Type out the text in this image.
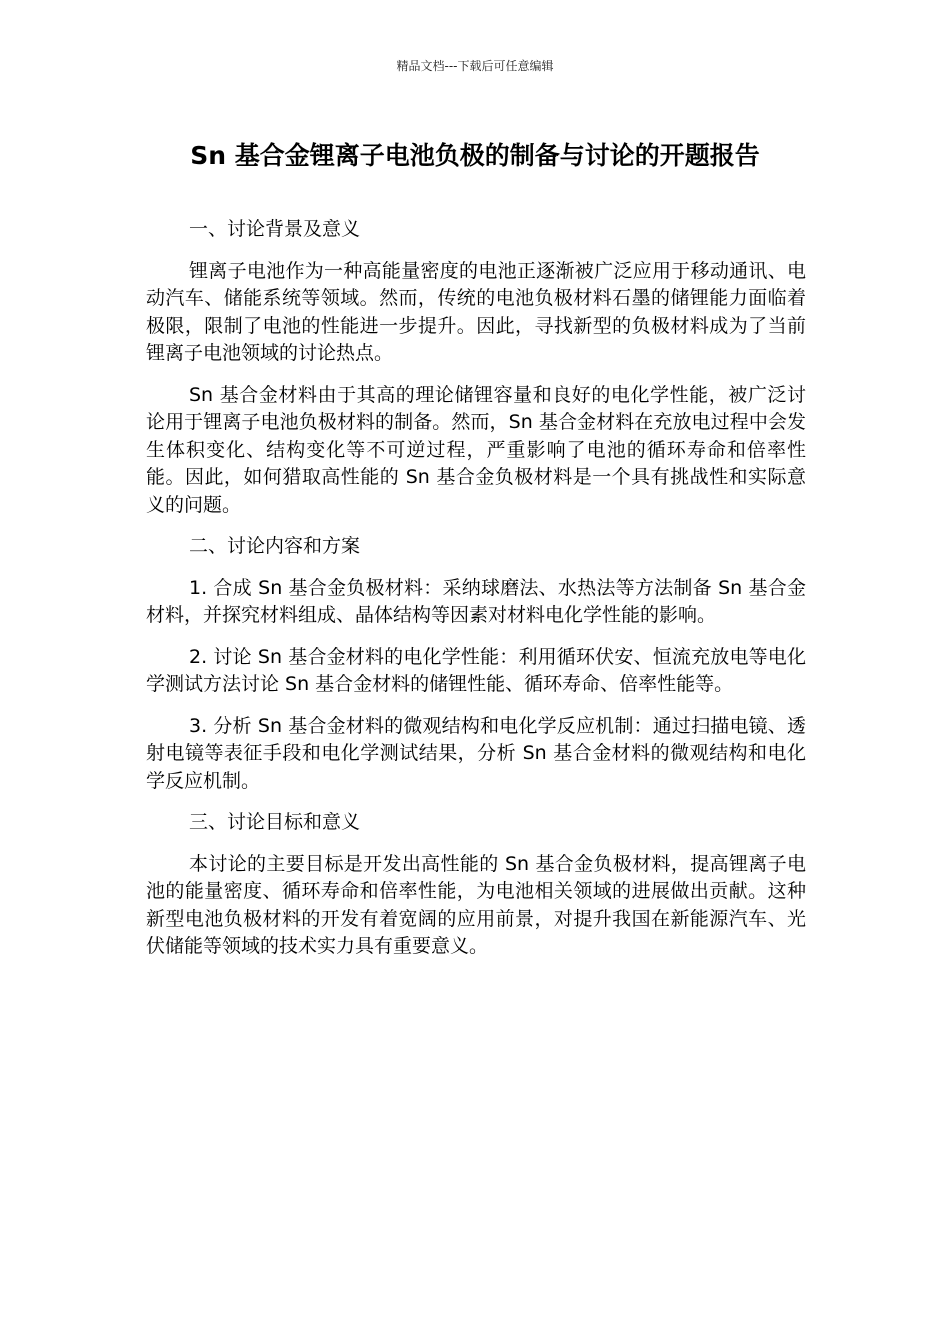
精品文档---下载后可任意编辑
Sn 基合金锂离子电池负极的制备与讨论的开题报告

一、讨论背景及意义

锂离子电池作为一种高能量密度的电池正逐渐被广泛应用于移动通讯、电动汽车、储能系统等领域。然而，传统的电池负极材料石墨的储锂能力面临着极限，限制了电池的性能进一步提升。因此，寻找新型的负极材料成为了当前锂离子电池领域的讨论热点。

Sn 基合金材料由于其高的理论储锂容量和良好的电化学性能，被广泛讨论用于锂离子电池负极材料的制备。然而，Sn 基合金材料在充放电过程中会发生体积变化、结构变化等不可逆过程，严重影响了电池的循环寿命和倍率性能。因此，如何猎取高性能的 Sn 基合金负极材料是一个具有挑战性和实际意义的问题。

二、讨论内容和方案

1. 合成 Sn 基合金负极材料：采纳球磨法、水热法等方法制备 Sn 基合金材料，并探究材料组成、晶体结构等因素对材料电化学性能的影响。

2. 讨论 Sn 基合金材料的电化学性能：利用循环伏安、恒流充放电等电化学测试方法讨论 Sn 基合金材料的储锂性能、循环寿命、倍率性能等。

3. 分析 Sn 基合金材料的微观结构和电化学反应机制：通过扫描电镜、透射电镜等表征手段和电化学测试结果，分析 Sn 基合金材料的微观结构和电化学反应机制。

三、讨论目标和意义

本讨论的主要目标是开发出高性能的 Sn 基合金负极材料，提高锂离子电池的能量密度、循环寿命和倍率性能，为电池相关领域的进展做出贡献。这种新型电池负极材料的开发有着宽阔的应用前景，对提升我国在新能源汽车、光伏储能等领域的技术实力具有重要意义。
